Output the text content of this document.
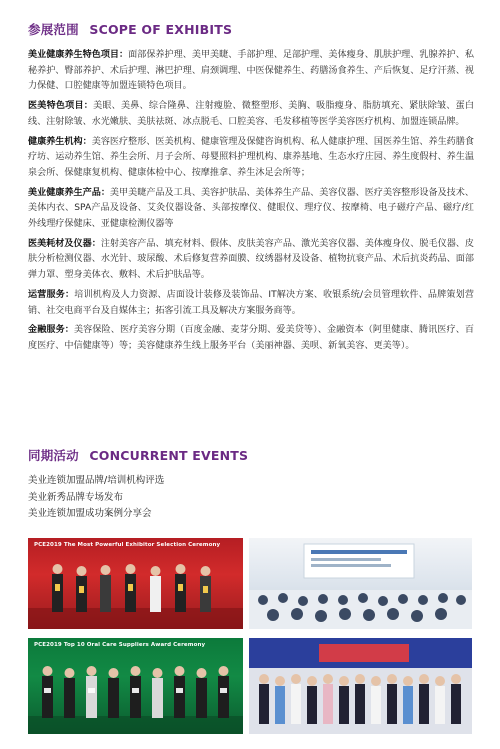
参展范围 SCOPE OF EXHIBITS

美业健康养生特色项目：面部保养护理、美甲美睫、手部护理、足部护理、美体瘦身、肌肤护理、乳腺养护、私秘养护、臀部养护、术后护理、淋巴护理、肩颈调理、中医保健养生、药膳汤食养生、产后恢复、足疗汗蒸、视力保健、口腔健康等加盟连锁特色项目。

医美特色项目：美眼、美鼻、综合隆鼻、注射瘦脸、微整塑形、美胸、吸脂瘦身、脂肪填充、紧肤除皱、蛋白线、注射除皱、水光嫩肤、美肤祛斑、冰点脱毛、口腔美容、毛发移植等医学美容医疗机构、加盟连锁品牌。

健康养生机构：美容医疗整形、医美机构、健康管理及保健咨询机构、私人健康护理、国医养生馆、养生药膳食疗坊、运动养生馆、养生会所、月子会所、母婴照料护理机构、康养基地、生态水疗庄园、养生度假村、养生温泉会所、保健康复机构、健康体检中心、按摩推拿、养生沐足会所等；

美业健康养生产品：美甲美睫产品及工具、美容护肤品、美体养生产品、美容仪器、医疗美容整形设备及技术、美体内衣、SPA产品及设备、艾灸仪器设备、头部按摩仪、健眼仪、理疗仪、按摩椅、电子磁疗产品、磁疗/红外线理疗保健床、亚健康检测仪器等

医美耗材及仪器：注射美容产品、填充材料、假体、皮肤美容产品、激光美容仪器、美体瘦身仪、脱毛仪器、皮肤分析检测仪器、水光针、玻尿酸、术后修复营养面膜、纹绣器材及设备、植物抗衰产品、术后抗炎药品、面部弹力罩、塑身美体衣、敷料、术后护肤品等。

运营服务：培训机构及人力资源、店面设计装修及装饰品、IT解决方案、收银系统/会员管理软件、品牌策划营销、社交电商平台及自媒体主；拓客引流工具及解决方案服务商等。

金融服务：美容保险、医疗美容分期（百度金融、麦芽分期、爱美贷等）、金融资本（阿里健康、腾讯医疗、百度医疗、中信健康等）等；美容健康养生线上服务平台（美丽神器、美呗、新氧美容、更美等）。

同期活动 CONCURRENT EVENTS
美业连锁加盟品牌/培训机构评选
美业新秀品牌专场发布
美业连锁加盟成功案例分享会
PCE2019 The Most Powerful Exhibitor Selection Ceremony
PCE2019 Top 10 Oral Care Suppliers Award Ceremony
